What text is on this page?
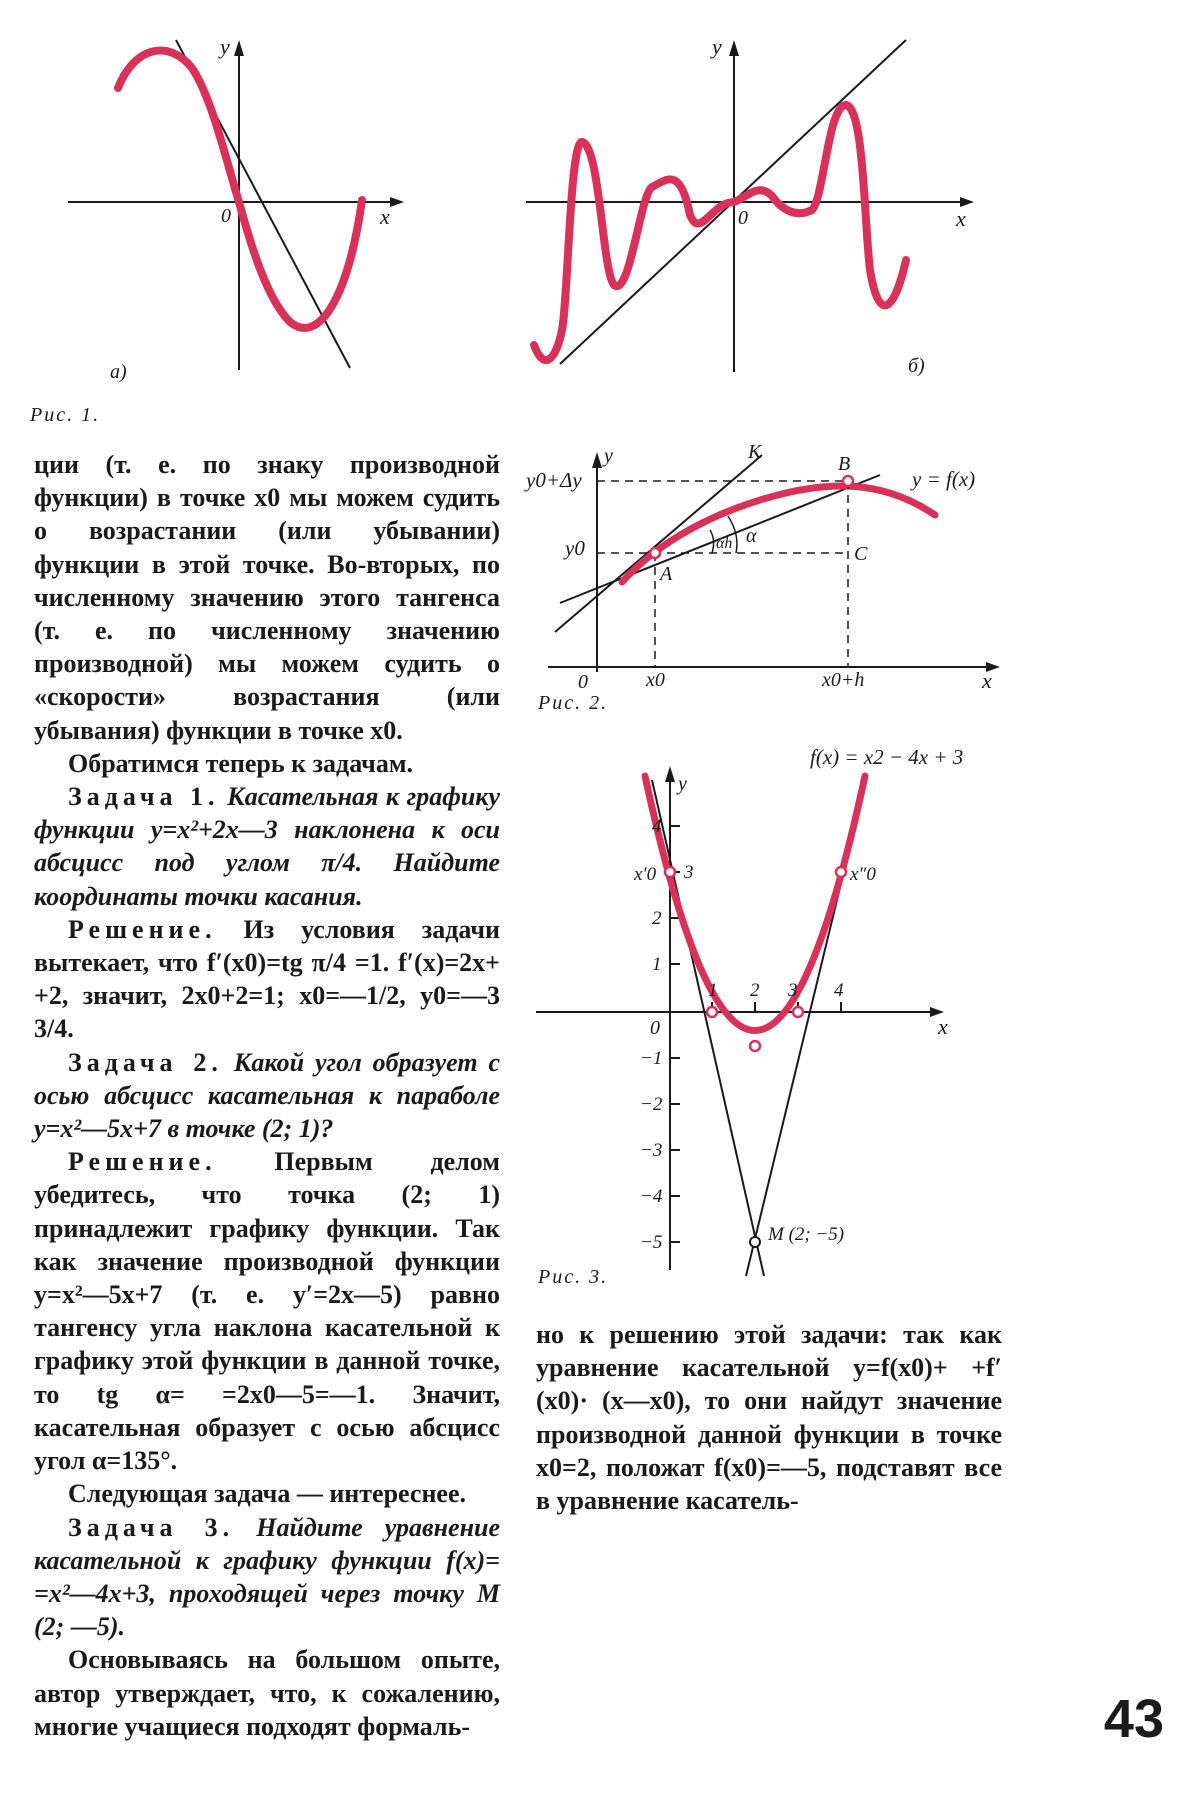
y
x
0
а)
y
x
0
б)
Рис. 1.
y0+Δy
y0
y
0	x0	x0+h	x
K
B
A
C
y = f(x)
α
αh
Рис. 2.
f(x) = x2 − 4x + 3
y
x
0
4
3
2
1
−1
−2
−3
−4
−5
1 2 3 4
x′0	x″0
M (2; −5)
Рис. 3.

ции (т. е. по знаку производной функции) в точке x0 мы можем судить о возрастании (или убывании) функции в этой точке. Во-вторых, по численному значению этого тангенса (т. е. по численному значению производной) мы можем судить о «скорости» возрастания (или убывания) функции в точке x0.

Обратимся теперь к задачам.

Задача 1. Касательная к графику функции y=x²+2x—3 наклонена к оси абсцисс под углом π/4. Найдите координаты точки касания.

Решение. Из условия задачи вытекает, что f′(x0)=tg π/4 =1. f′(x)=2x+ +2, значит, 2x0+2=1; x0=—1/2, y0=—3 3/4.

Задача 2. Какой угол образует с осью абсцисс касательная к параболе y=x²—5x+7 в точке (2; 1)?

Решение. Первым делом убедитесь, что точка (2; 1) принадлежит графику функции. Так как значение производной функции y=x²—5x+7 (т. е. y′=2x—5) равно тангенсу угла наклона касательной к графику этой функции в данной точке, то tg α= =2x0—5=—1. Значит, касательная образует с осью абсцисс угол α=135°.

Следующая задача — интереснее.

Задача 3. Найдите уравнение касательной к графику функции f(x)= =x²—4x+3, проходящей через точку M (2; —5).

Основываясь на большом опыте, автор утверждает, что, к сожалению, многие учащиеся подходят формаль-

но к решению этой задачи: так как уравнение касательной y=f(x0)+ +f′(x0)· (x—x0), то они найдут значение производной данной функции в точке x0=2, положат f(x0)=—5, подставят все в уравнение касатель-

43
